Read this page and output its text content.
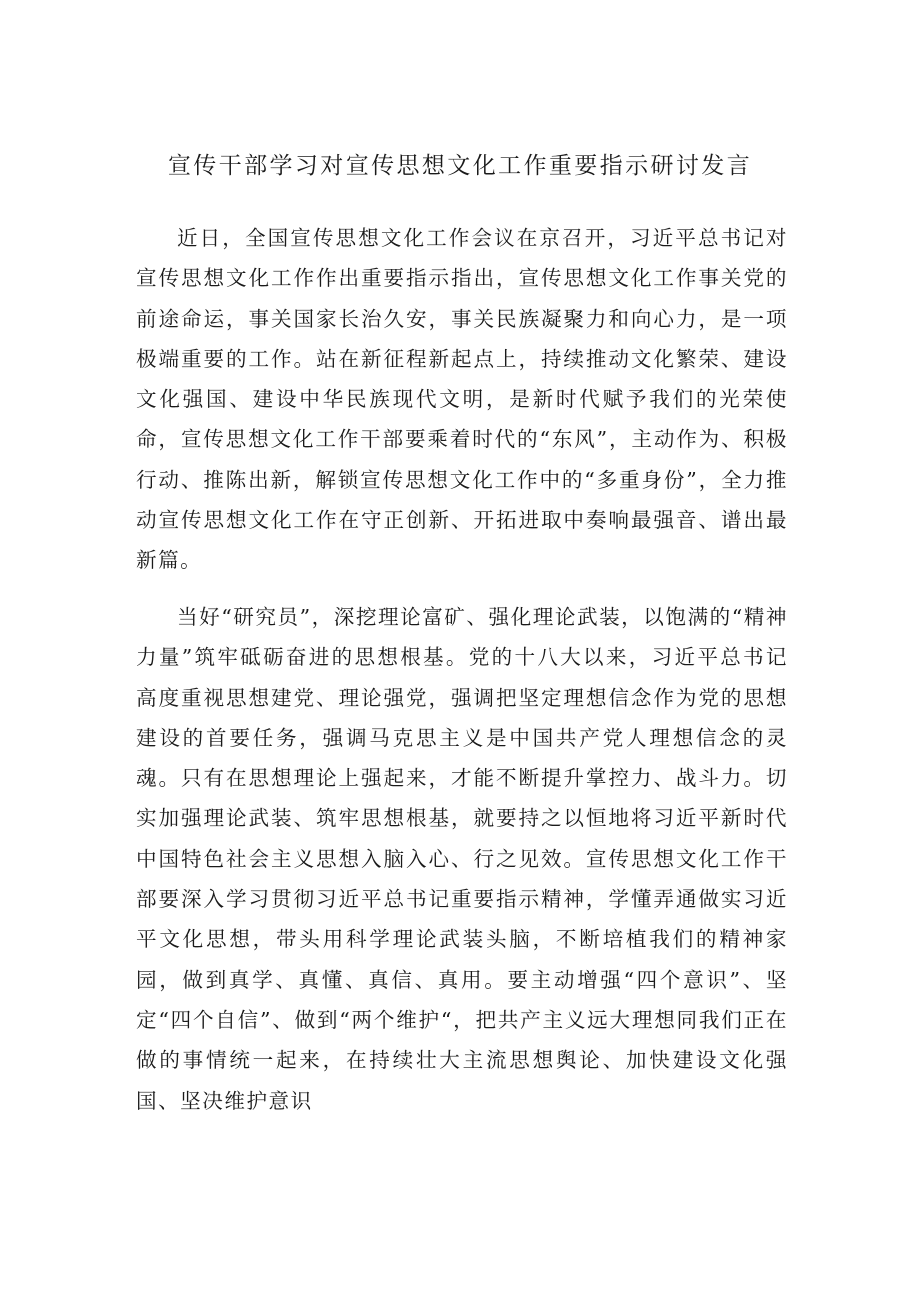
宣传干部学习对宣传思想文化工作重要指示研讨发言

近日，全国宣传思想文化工作会议在京召开，习近平总书记对宣传思想文化工作作出重要指示指出，宣传思想文化工作事关党的前途命运，事关国家长治久安，事关民族凝聚力和向心力，是一项极端重要的工作。站在新征程新起点上，持续推动文化繁荣、建设文化强国、建设中华民族现代文明，是新时代赋予我们的光荣使命，宣传思想文化工作干部要乘着时代的“东风”，主动作为、积极行动、推陈出新，解锁宣传思想文化工作中的“多重身份”，全力推动宣传思想文化工作在守正创新、开拓进取中奏响最强音、谱出最新篇。

当好“研究员”，深挖理论富矿、强化理论武装，以饱满的“精神力量”筑牢砥砺奋进的思想根基。党的十八大以来，习近平总书记高度重视思想建党、理论强党，强调把坚定理想信念作为党的思想建设的首要任务，强调马克思主义是中国共产党人理想信念的灵魂。只有在思想理论上强起来，才能不断提升掌控力、战斗力。切实加强理论武装、筑牢思想根基，就要持之以恒地将习近平新时代中国特色社会主义思想入脑入心、行之见效。宣传思想文化工作干部要深入学习贯彻习近平总书记重要指示精神，学懂弄通做实习近平文化思想，带头用科学理论武装头脑，不断培植我们的精神家园，做到真学、真懂、真信、真用。要主动增强“四个意识”、坚定“四个自信”、做到“两个维护“，把共产主义远大理想同我们正在做的事情统一起来，在持续壮大主流思想舆论、加快建设文化强国、坚决维护意识
